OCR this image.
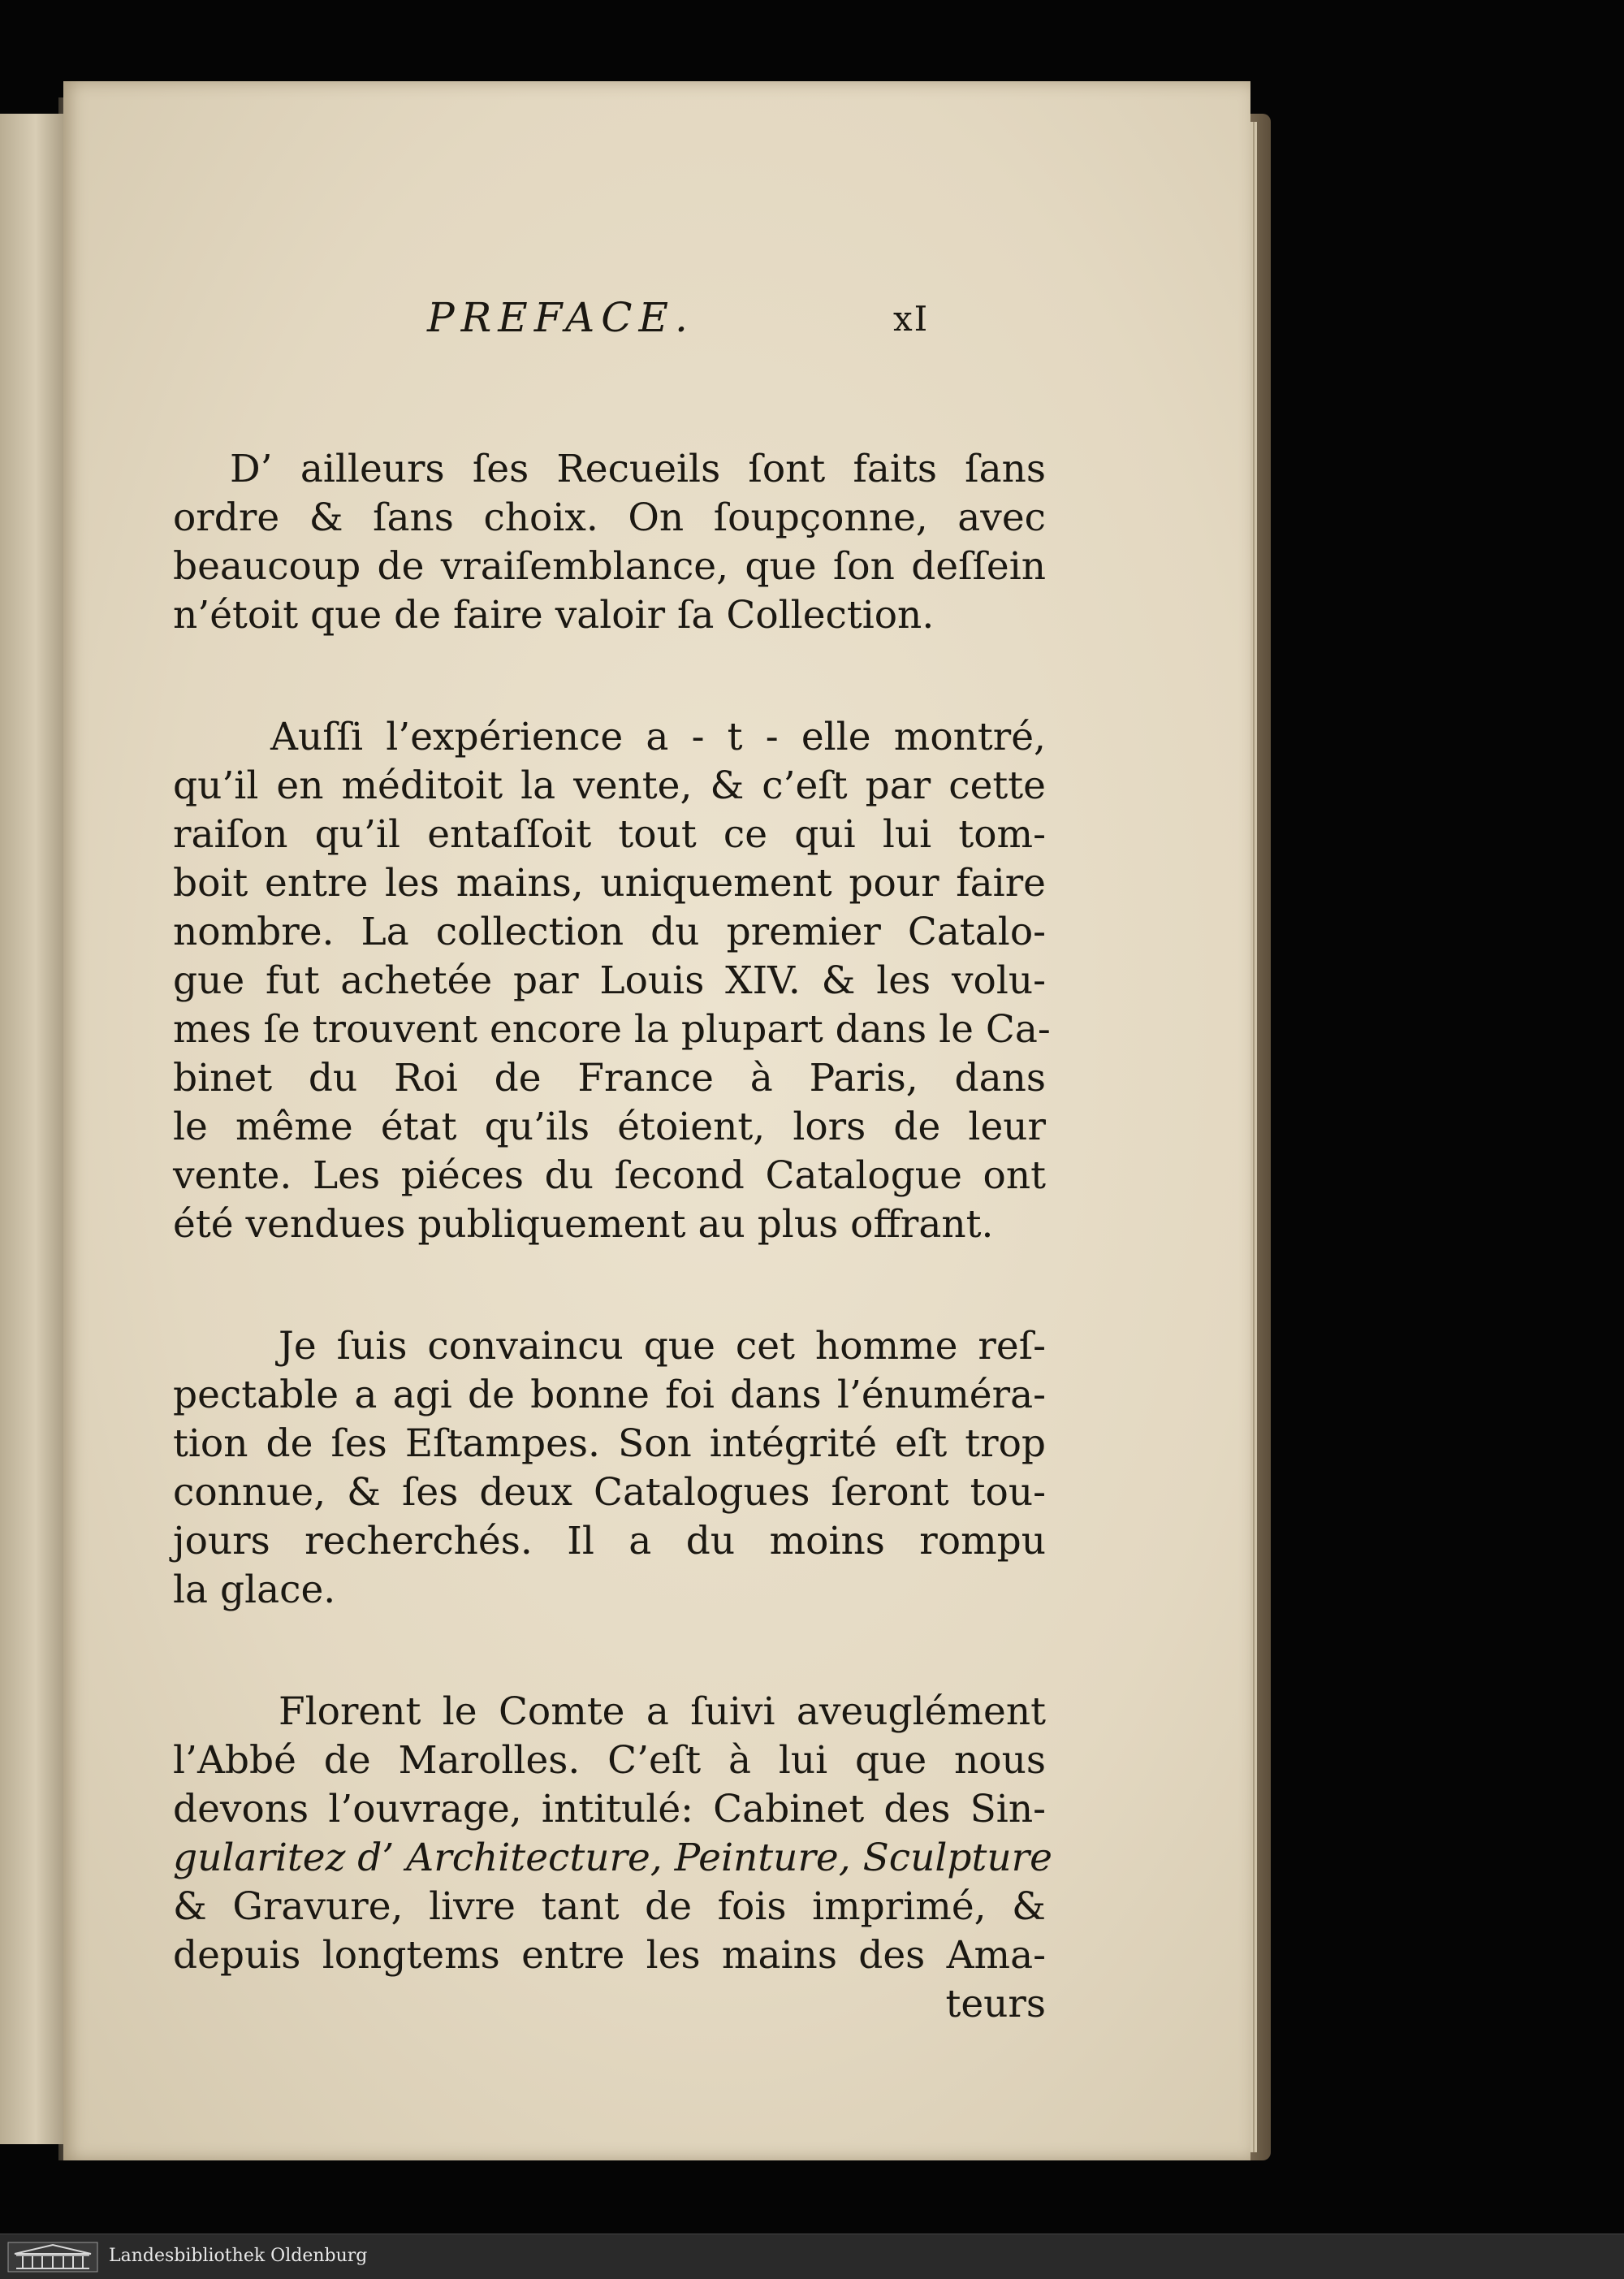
PREFACE.	xI
D’ ailleurs ſes Recueils ſont faits ſans
ordre & ſans choix. On ſoupçonne, avec
beaucoup de vraiſemblance, que ſon deſſein
n’étoit que de faire valoir ſa Collection.
Auſſi l’expérience a - t - elle montré,
qu’il en méditoit la vente, & c’eſt par cette
raiſon qu’il entaſſoit tout ce qui lui tom-
boit entre les mains, uniquement pour faire
nombre. La collection du premier Catalo-
gue fut achetée par Louis XIV. & les volu-
mes ſe trouvent encore la plupart dans le Ca-
binet du Roi de France à Paris, dans
le même état qu’ils étoient, lors de leur
vente. Les piéces du ſecond Catalogue ont
été vendues publiquement au plus offrant.
Je ſuis convaincu que cet homme reſ-
pectable a agi de bonne foi dans l’énuméra-
tion de ſes Eſtampes. Son intégrité eſt trop
connue, & ſes deux Catalogues ſeront tou-
jours recherchés. Il a du moins rompu
la glace.
Florent le Comte a ſuivi aveuglément
l’Abbé de Marolles. C’eſt à lui que nous
devons l’ouvrage, intitulé: Cabinet des Sin-
gularitez d’ Architecture, Peinture, Sculpture
& Gravure, livre tant de fois imprimé, &
depuis longtems entre les mains des Ama-
teurs
Landesbibliothek Oldenburg
